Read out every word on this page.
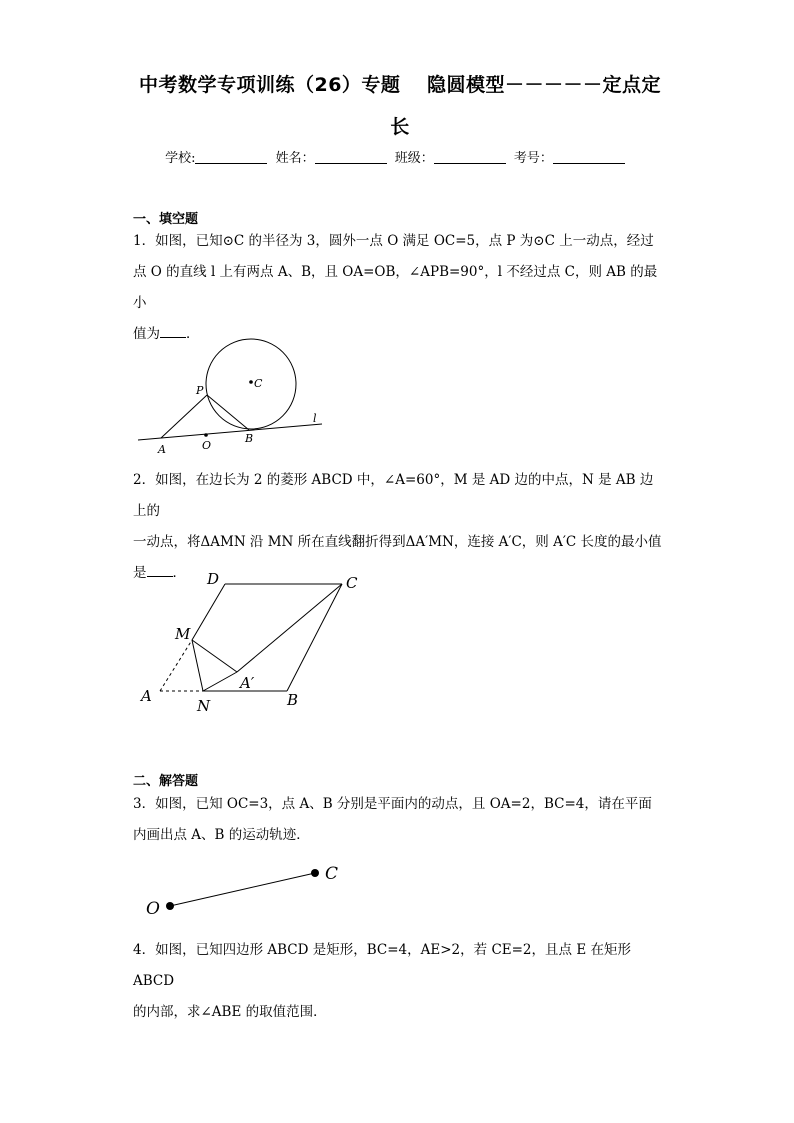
中考数学专项训练（26）专题　 隐圆模型－－－－－定点定
长
学校:	姓名：	班级：	考号：
一、填空题

1．如图，已知⊙C 的半径为 3，圆外一点 O 满足 OC=5，点 P 为⊙C 上一动点，经过

点 O 的直线 l 上有两点 A、B，且 OA=OB，∠APB=90°，l 不经过点 C，则 AB 的最小

值为 ．

P
C
A	O
B
l

2．如图，在边长为 2 的菱形 ABCD 中，∠A=60°，M 是 AD 边的中点，N 是 AB 边上的

一动点，将ΔAMN 沿 MN 所在直线翻折得到ΔA′MN，连接 A′C，则 A′C 长度的最小值

是 ．	D	C
M
A′
A
N	B
二、解答题

3．如图，已知 OC=3，点 A、B 分别是平面内的动点，且 OA=2，BC=4，请在平面

内画出点 A、B 的运动轨迹．

O
C

4．如图，已知四边形 ABCD 是矩形，BC=4，AE>2，若 CE=2，且点 E 在矩形 ABCD

的内部，求∠ABE 的取值范围．
